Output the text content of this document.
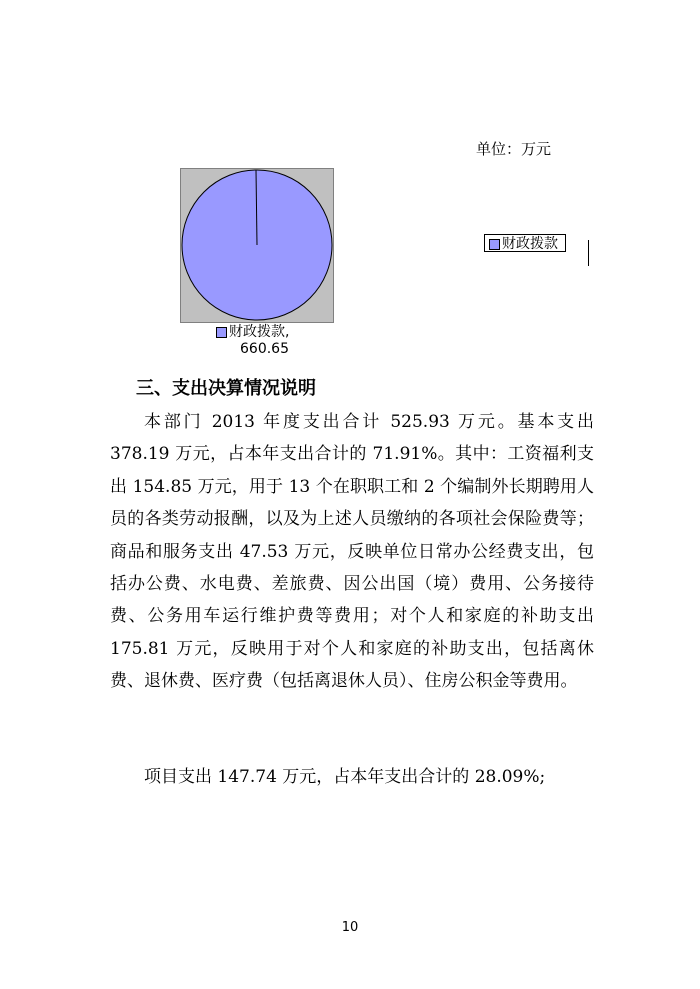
单位：万元
财政拨款,
660.65
财政拨款
三、支出决算情况说明

本部门 2013 年度支出合计 525.93 万元。基本支出 378.19 万元，占本年支出合计的 71.91%。其中：工资福利支出 154.85 万元，用于 13 个在职职工和 2 个编制外长期聘用人员的各类劳动报酬，以及为上述人员缴纳的各项社会保险费等；商品和服务支出 47.53 万元，反映单位日常办公经费支出，包括办公费、水电费、差旅费、因公出国（境）费用、公务接待费、公务用车运行维护费等费用；对个人和家庭的补助支出 175.81 万元，反映用于对个人和家庭的补助支出，包括离休费、退休费、医疗费（包括离退休人员）、住房公积金等费用。

项目支出 147.74 万元，占本年支出合计的 28.09%;

10
